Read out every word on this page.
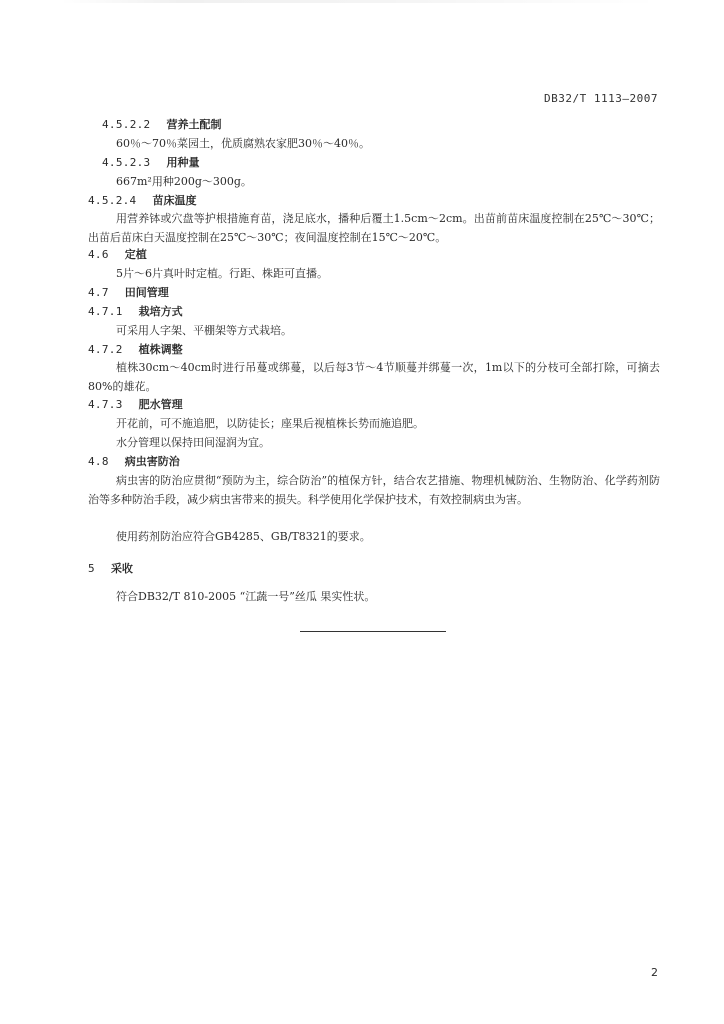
DB32/T 1113—2007
4.5.2.2 营养土配制
60％～70％菜园土，优质腐熟农家肥30％～40％。
4.5.2.3 用种量
667m²用种200g～300g。
4.5.2.4 苗床温度
用营养钵或穴盘等护根措施育苗，浇足底水，播种后覆土1.5cm～2cm。出苗前苗床温度控制在25℃～30℃；出苗后苗床白天温度控制在25℃～30℃；夜间温度控制在15℃～20℃。
4.6 定植
5片～6片真叶时定植。行距、株距可直播。
4.7 田间管理
4.7.1 栽培方式
可采用人字架、平棚架等方式栽培。
4.7.2 植株调整
植株30cm～40cm时进行吊蔓或绑蔓，以后每3节～4节顺蔓并绑蔓一次，1m以下的分枝可全部打除，可摘去80%的雄花。
4.7.3 肥水管理
开花前，可不施追肥，以防徒长；座果后视植株长势而施追肥。
水分管理以保持田间湿润为宜。
4.8 病虫害防治
病虫害的防治应贯彻“预防为主，综合防治”的植保方针，结合农艺措施、物理机械防治、生物防治、化学药剂防治等多种防治手段，减少病虫害带来的损失。科学使用化学保护技术，有效控制病虫为害。
使用药剂防治应符合GB4285、GB/T8321的要求。
5 采收
符合DB32/T 810-2005 “江蔬一号”丝瓜 果实性状。
2
